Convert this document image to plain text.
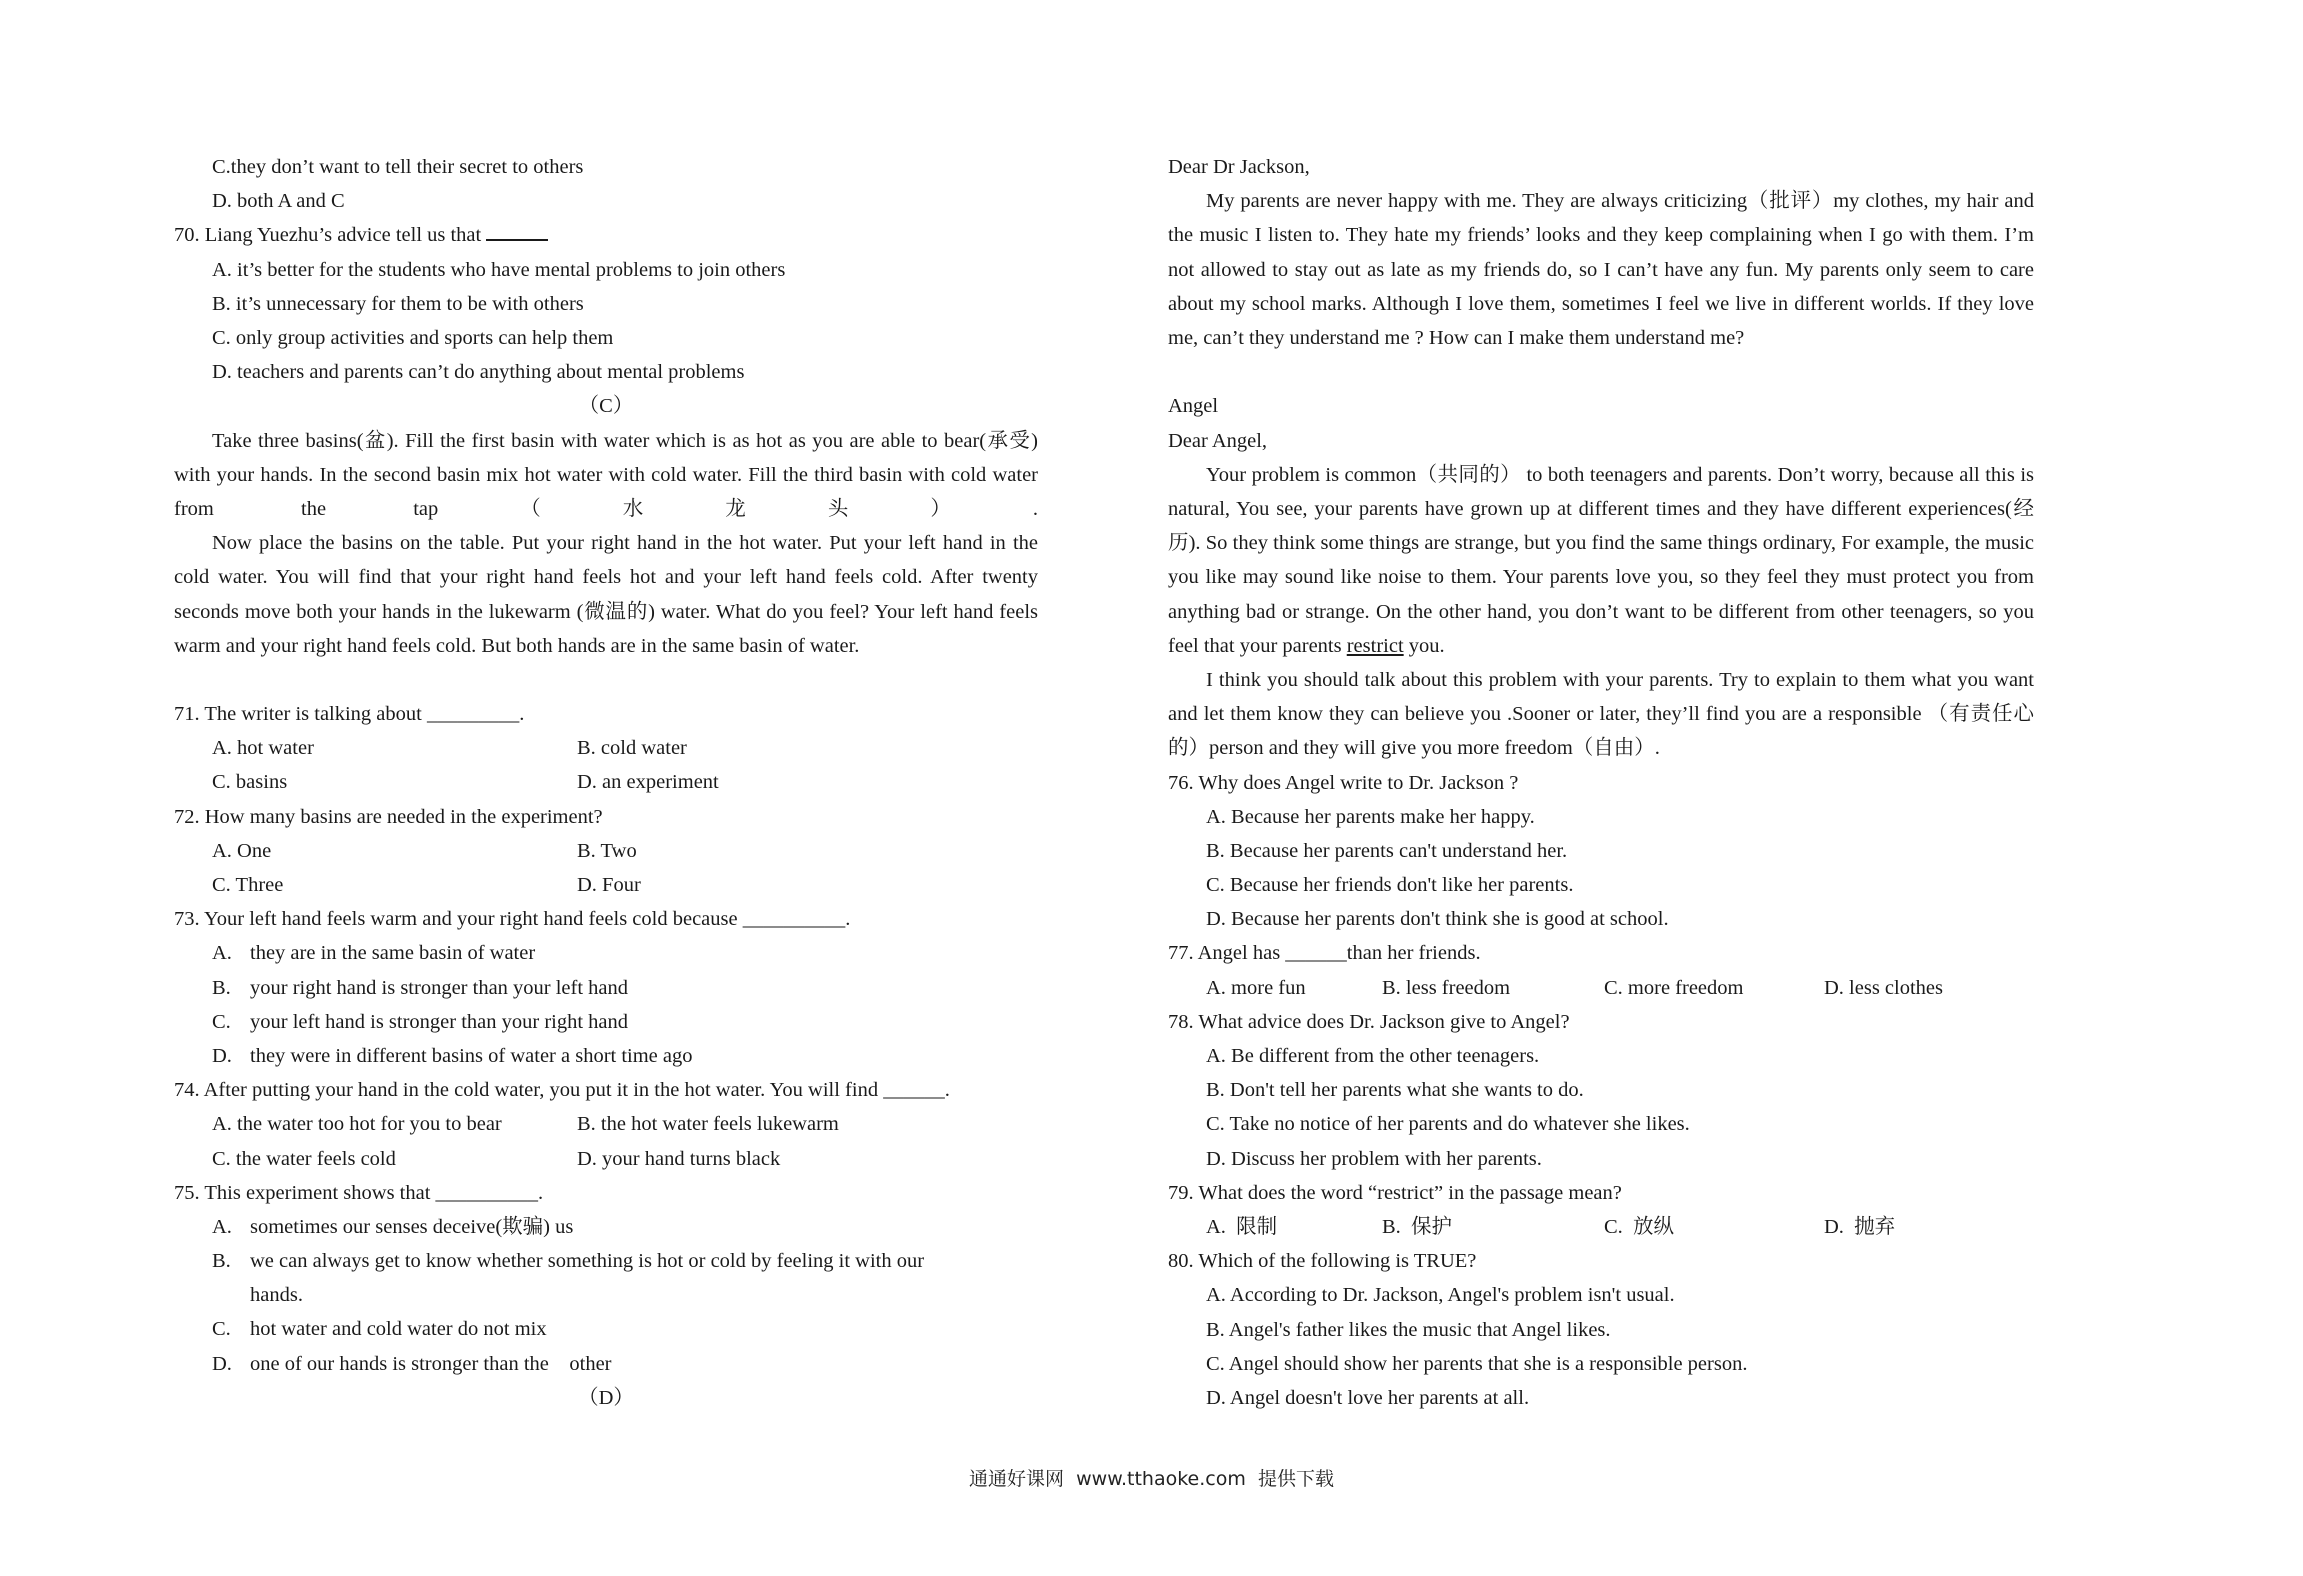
C.they don’t want to tell their secret to others
D. both A and C
70. Liang Yuezhu’s advice tell us that
A. it’s better for the students who have mental problems to join others
B. it’s unnecessary for them to be with others
C. only group activities and sports can help them
D. teachers and parents can’t do anything about mental problems
（C）
Take three basins(盆). Fill the first basin with water which is as hot as you are able to bear(承受) with your hands. In the second basin mix hot water with cold water. Fill the third basin with cold water from the tap（水龙头）.
Now place the basins on the table. Put your right hand in the hot water. Put your left hand in the cold water. You will find that your right hand feels hot and your left hand feels cold. After twenty seconds move both your hands in the lukewarm (微温的) water. What do you feel? Your left hand feels warm and your right hand feels cold. But both hands are in the same basin of water.
71. The writer is talking about _________.
A. hot water	B. cold water
C. basins	D. an experiment
72. How many basins are needed in the experiment?
A. One	B. Two
C. Three	D. Four
73. Your left hand feels warm and your right hand feels cold because __________.
A. they are in the same basin of water
B. your right hand is stronger than your left hand
C. your left hand is stronger than your right hand
D. they were in different basins of water a short time ago
74. After putting your hand in the cold water, you put it in the hot water. You will find ______.
A. the water too hot for you to bear	B. the hot water feels lukewarm
C. the water feels cold	D. your hand turns black
75. This experiment shows that __________.
A. sometimes our senses deceive(欺骗) us
B. we can always get to know whether something is hot or cold by feeling it with our
hands.
C. hot water and cold water do not mix
D. one of our hands is stronger than the    other
（D）
Dear Dr Jackson,
My parents are never happy with me. They are always criticizing（批评）my clothes, my hair and the music I listen to. They hate my friends’ looks and they keep complaining when I go with them. I’m not allowed to stay out as late as my friends do, so I can’t have any fun. My parents only seem to care about my school marks. Although I love them, sometimes I feel we live in different worlds. If they love me, can’t they understand me ? How can I make them understand me?
Angel
Dear Angel,
Your problem is common（共同的） to both teenagers and parents. Don’t worry, because all this is natural, You see, your parents have grown up at different times and they have different experiences(经历). So they think some things are strange, but you find the same things ordinary, For example, the music you like may sound like noise to them. Your parents love you, so they feel they must protect you from anything bad or strange. On the other hand, you don’t want to be different from other teenagers, so you feel that your parents restrict you.
I think you should talk about this problem with your parents. Try to explain to them what you want and let them know they can believe you .Sooner or later, they’ll find you are a responsible （有责任心的）person and they will give you more freedom（自由）.
76. Why does Angel write to Dr. Jackson ?
A. Because her parents make her happy.
B. Because her parents can't understand her.
C. Because her friends don't like her parents.
D. Because her parents don't think she is good at school.
77. Angel has ______than her friends.
A. more fun	B. less freedom	C. more freedom	D. less clothes
78. What advice does Dr. Jackson give to Angel?
A. Be different from the other teenagers.
B. Don't tell her parents what she wants to do.
C. Take no notice of her parents and do whatever she likes.
D. Discuss her problem with her parents.
79. What does the word “restrict” in the passage mean?
A.  限制	B.  保护	C.  放纵	D.  抛弃
80. Which of the following is TRUE?
A. According to Dr. Jackson, Angel's problem isn't usual.
B. Angel's father likes the music that Angel likes.
C. Angel should show her parents that she is a responsible person.
D. Angel doesn't love her parents at all.
通通好课网  www.tthaoke.com  提供下载
